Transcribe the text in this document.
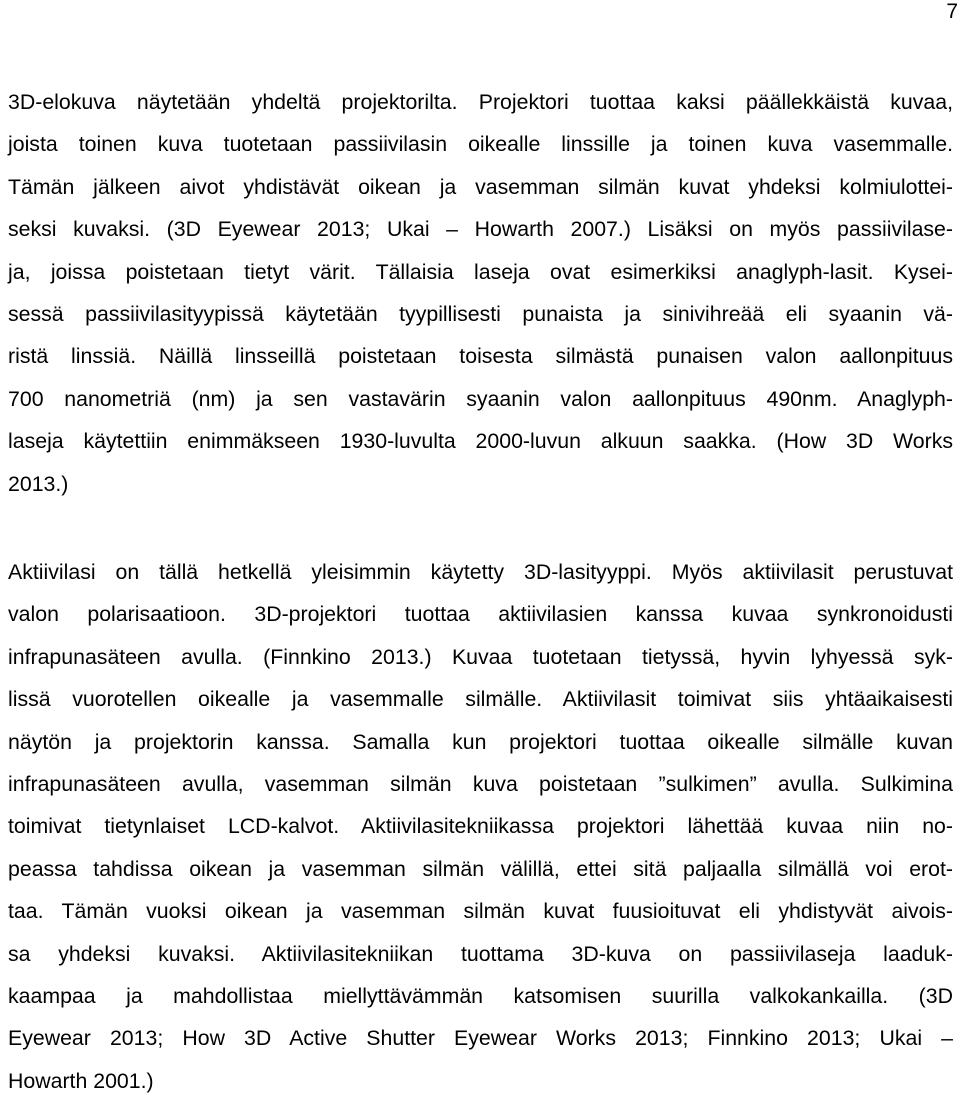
7
3D-elokuva näytetään yhdeltä projektorilta. Projektori tuottaa kaksi päällekkäistä kuvaa,
joista toinen kuva tuotetaan passiivilasin oikealle linssille ja toinen kuva vasemmalle.
Tämän jälkeen aivot yhdistävät oikean ja vasemman silmän kuvat yhdeksi kolmiulottei-
seksi kuvaksi. (3D Eyewear 2013; Ukai – Howarth 2007.) Lisäksi on myös passiivilase-
ja, joissa poistetaan tietyt värit. Tällaisia laseja ovat esimerkiksi anaglyph-lasit. Kysei-
sessä passiivilasityypissä käytetään tyypillisesti punaista ja sinivihreää eli syaanin vä-
ristä linssiä. Näillä linsseillä poistetaan toisesta silmästä punaisen valon aallonpituus
700 nanometriä (nm) ja sen vastavärin syaanin valon aallonpituus 490nm. Anaglyph-
laseja käytettiin enimmäkseen 1930-luvulta 2000-luvun alkuun saakka. (How 3D Works
2013.)
Aktiivilasi on tällä hetkellä yleisimmin käytetty 3D-lasityyppi. Myös aktiivilasit perustuvat
valon polarisaatioon. 3D-projektori tuottaa aktiivilasien kanssa kuvaa synkronoidusti
infrapunasäteen avulla. (Finnkino 2013.) Kuvaa tuotetaan tietyssä, hyvin lyhyessä syk-
lissä vuorotellen oikealle ja vasemmalle silmälle. Aktiivilasit toimivat siis yhtäaikaisesti
näytön ja projektorin kanssa. Samalla kun projektori tuottaa oikealle silmälle kuvan
infrapunasäteen avulla, vasemman silmän kuva poistetaan ”sulkimen” avulla. Sulkimina
toimivat tietynlaiset LCD-kalvot. Aktiivilasitekniikassa projektori lähettää kuvaa niin no-
peassa tahdissa oikean ja vasemman silmän välillä, ettei sitä paljaalla silmällä voi erot-
taa. Tämän vuoksi oikean ja vasemman silmän kuvat fuusioituvat eli yhdistyvät aivois-
sa yhdeksi kuvaksi. Aktiivilasitekniikan tuottama 3D-kuva on passiivilaseja laaduk-
kaampaa ja mahdollistaa miellyttävämmän katsomisen suurilla valkokankailla. (3D
Eyewear 2013; How 3D Active Shutter Eyewear Works 2013; Finnkino 2013; Ukai –
Howarth 2001.)
